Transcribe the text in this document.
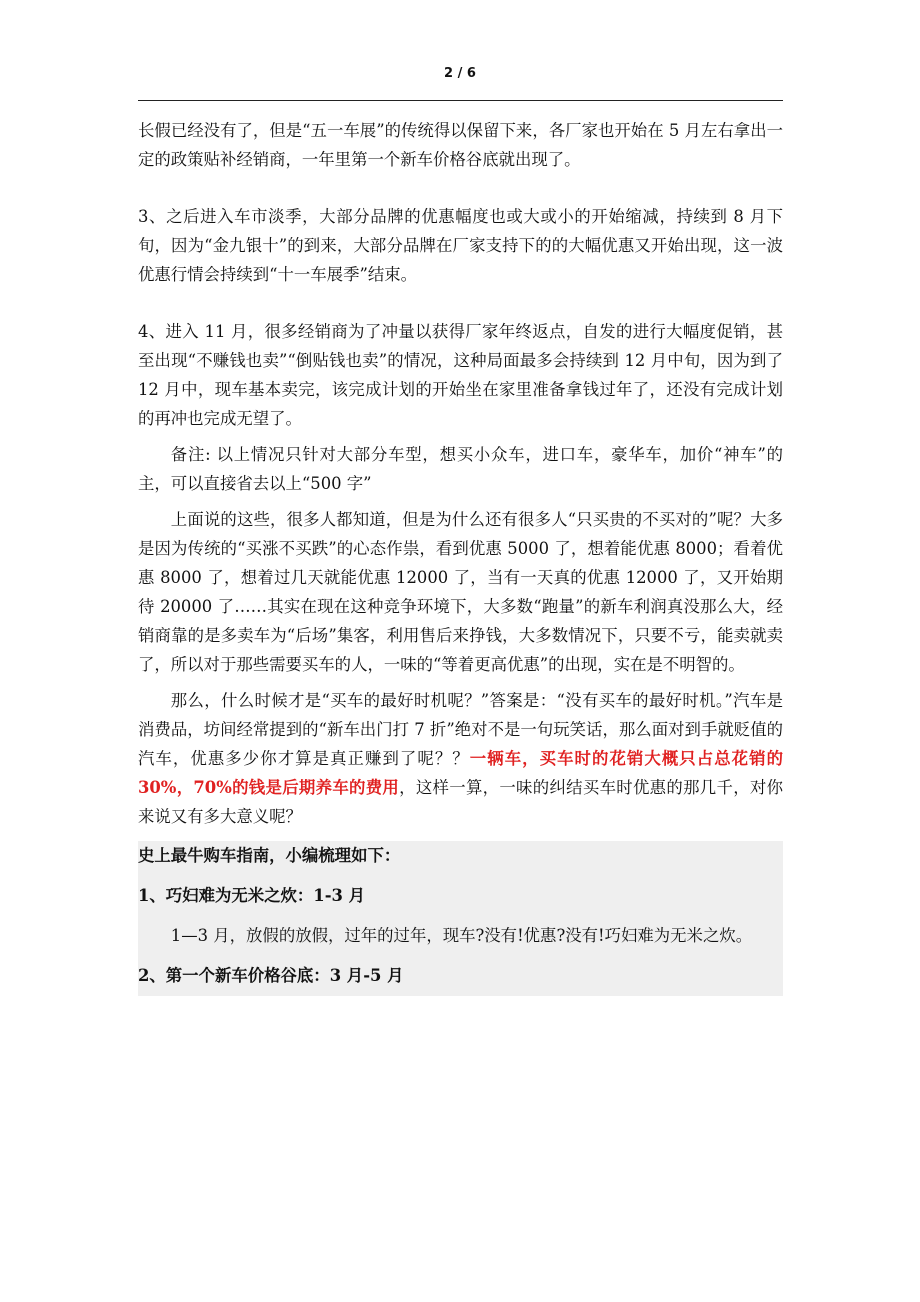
2 / 6

长假已经没有了，但是“五一车展”的传统得以保留下来，各厂家也开始在 5 月左右拿出一定的政策贴补经销商，一年里第一个新车价格谷底就出现了。

3、之后进入车市淡季，大部分品牌的优惠幅度也或大或小的开始缩减，持续到 8 月下旬，因为“金九银十”的到来，大部分品牌在厂家支持下的的大幅优惠又开始出现，这一波优惠行情会持续到“十一车展季”结束。

4、进入 11 月，很多经销商为了冲量以获得厂家年终返点，自发的进行大幅度促销，甚至出现“不赚钱也卖”“倒贴钱也卖”的情况，这种局面最多会持续到 12 月中旬，因为到了 12 月中，现车基本卖完，该完成计划的开始坐在家里准备拿钱过年了，还没有完成计划的再冲也完成无望了。

备注: 以上情况只针对大部分车型，想买小众车，进口车，豪华车，加价“神车”的主，可以直接省去以上“500 字”

上面说的这些，很多人都知道，但是为什么还有很多人“只买贵的不买对的”呢？大多是因为传统的“买涨不买跌”的心态作祟，看到优惠 5000 了，想着能优惠 8000；看着优惠 8000 了，想着过几天就能优惠 12000 了，当有一天真的优惠 12000 了，又开始期待 20000 了……其实在现在这种竞争环境下，大多数“跑量”的新车利润真没那么大，经销商靠的是多卖车为“后场”集客，利用售后来挣钱，大多数情况下，只要不亏，能卖就卖了，所以对于那些需要买车的人，一味的“等着更高优惠”的出现，实在是不明智的。

那么，什么时候才是“买车的最好时机呢？”答案是：“没有买车的最好时机。”汽车是消费品，坊间经常提到的“新车出门打 7 折”绝对不是一句玩笑话，那么面对到手就贬值的汽车，优惠多少你才算是真正赚到了呢？？一辆车，买车时的花销大概只占总花销的 30%，70%的钱是后期养车的费用，这样一算，一味的纠结买车时优惠的那几千，对你来说又有多大意义呢？

史上最牛购车指南，小编梳理如下：

1、巧妇难为无米之炊：1-3 月

1—3 月，放假的放假，过年的过年，现车?没有!优惠?没有!巧妇难为无米之炊。

2、第一个新车价格谷底：3 月-5 月
